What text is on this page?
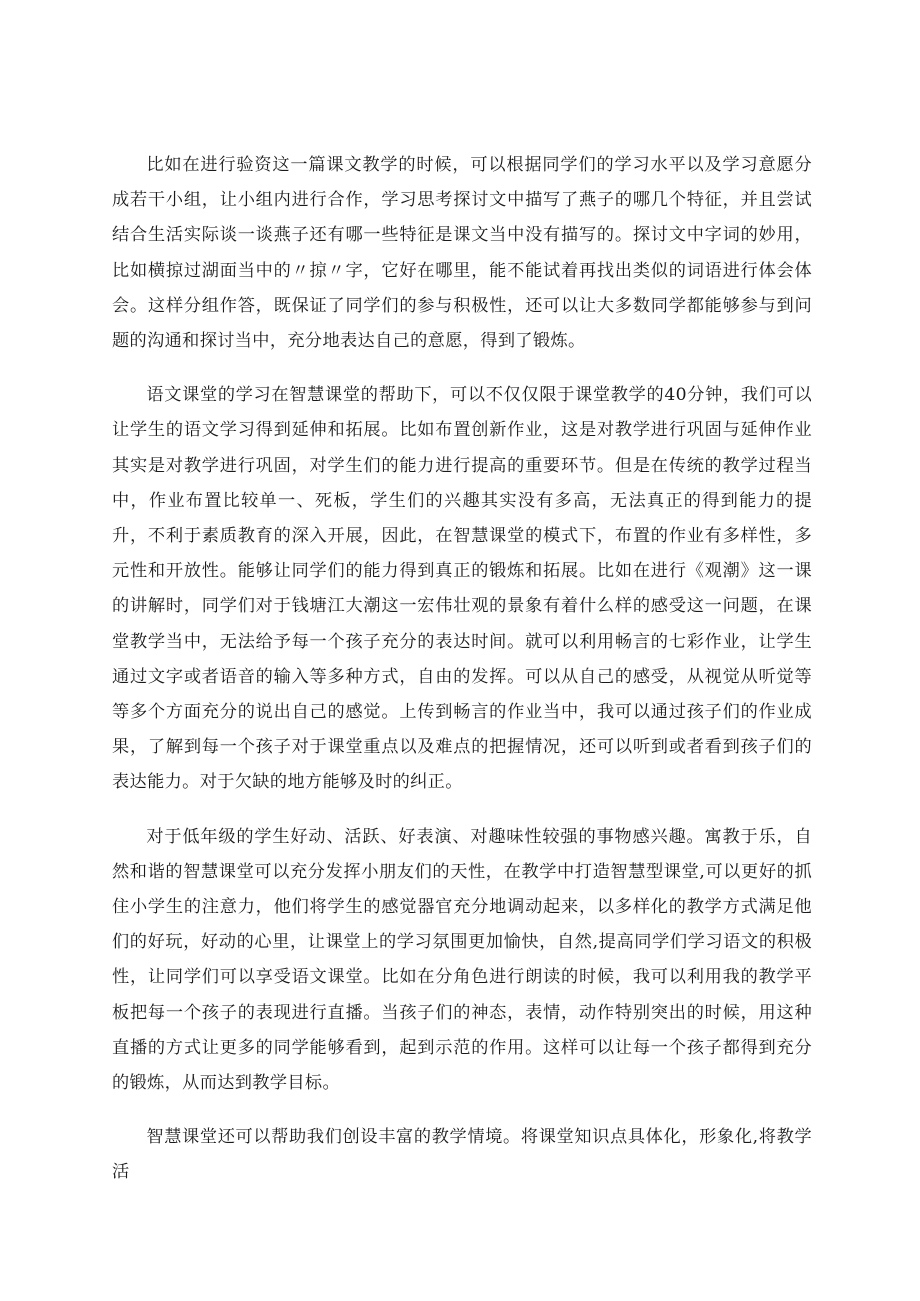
比如在进行验资这一篇课文教学的时候，可以根据同学们的学习水平以及学习意愿分成若干小组，让小组内进行合作，学习思考探讨文中描写了燕子的哪几个特征，并且尝试结合生活实际谈一谈燕子还有哪一些特征是课文当中没有描写的。探讨文中字词的妙用，比如横掠过湖面当中的〃掠〃字，它好在哪里，能不能试着再找出类似的词语进行体会体会。这样分组作答，既保证了同学们的参与积极性，还可以让大多数同学都能够参与到问题的沟通和探讨当中，充分地表达自己的意愿，得到了锻炼。

语文课堂的学习在智慧课堂的帮助下，可以不仅仅限于课堂教学的40分钟，我们可以让学生的语文学习得到延伸和拓展。比如布置创新作业，这是对教学进行巩固与延伸作业其实是对教学进行巩固，对学生们的能力进行提高的重要环节。但是在传统的教学过程当中，作业布置比较单一、死板，学生们的兴趣其实没有多高，无法真正的得到能力的提升，不利于素质教育的深入开展，因此，在智慧课堂的模式下，布置的作业有多样性，多元性和开放性。能够让同学们的能力得到真正的锻炼和拓展。比如在进行《观潮》这一课的讲解时，同学们对于钱塘江大潮这一宏伟壮观的景象有着什么样的感受这一问题，在课堂教学当中，无法给予每一个孩子充分的表达时间。就可以利用畅言的七彩作业，让学生通过文字或者语音的输入等多种方式，自由的发挥。可以从自己的感受，从视觉从听觉等等多个方面充分的说出自己的感觉。上传到畅言的作业当中，我可以通过孩子们的作业成果，了解到每一个孩子对于课堂重点以及难点的把握情况，还可以听到或者看到孩子们的表达能力。对于欠缺的地方能够及时的纠正。

对于低年级的学生好动、活跃、好表演、对趣味性较强的事物感兴趣。寓教于乐，自然和谐的智慧课堂可以充分发挥小朋友们的天性，在教学中打造智慧型课堂,可以更好的抓住小学生的注意力，他们将学生的感觉器官充分地调动起来，以多样化的教学方式满足他们的好玩，好动的心里，让课堂上的学习氛围更加愉快，自然,提高同学们学习语文的积极性，让同学们可以享受语文课堂。比如在分角色进行朗读的时候，我可以利用我的教学平板把每一个孩子的表现进行直播。当孩子们的神态，表情，动作特别突出的时候，用这种直播的方式让更多的同学能够看到，起到示范的作用。这样可以让每一个孩子都得到充分的锻炼，从而达到教学目标。

智慧课堂还可以帮助我们创设丰富的教学情境。将课堂知识点具体化，形象化,将教学活
